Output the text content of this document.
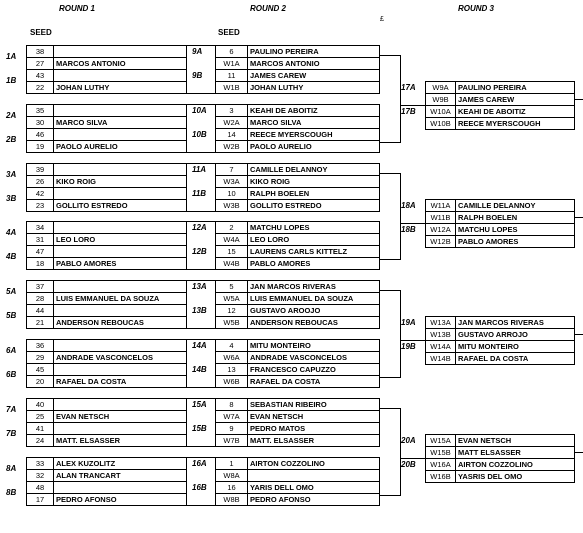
ROUND 1	ROUND 2	ROUND 3
SEED	SEED
£
1A
38
27	MARCOS ANTONIO
1B
43
22	JOHAN LUTHY
2A
35
30	MARCO SILVA
2B
46
19	PAOLO AURELIO
3A
39
26	KIKO ROIG
3B
42
23	GOLLITO ESTREDO
4A
34
31	LEO LORO
4B
47
18	PABLO AMORES
5A
37
28	LUIS EMMANUEL DA SOUZA
5B
44
21	ANDERSON REBOUCAS
6A
36
29	ANDRADE VASCONCELOS
6B
45
20	RAFAEL DA COSTA
7A
40
25	EVAN NETSCH
7B
41
24	MATT. ELSASSER
8A
33	ALEX KUZOLITZ
32	ALAN TRANCART
8B
48
17	PEDRO AFONSO
9A	6	PAULINO PEREIRA
W1A	MARCOS ANTONIO
9B	11	JAMES CAREW
W1B	JOHAN LUTHY
10A	3	KEAHI DE ABOITIZ
W2A	MARCO SILVA
10B	14	REECE MYERSCOUGH
W2B	PAOLO AURELIO
11A	7	CAMILLE DELANNOY
W3A	KIKO ROIG
11B	10	RALPH BOELEN
W3B	GOLLITO ESTREDO
12A	2	MATCHU LOPES
W4A	LEO LORO
12B	15	LAURENS CARLS KITTELZ
W4B	PABLO AMORES
13A	5	JAN MARCOS RIVERAS
W5A	LUIS EMMANUEL DA SOUZA
13B	12	GUSTAVO AROOJO
W5B	ANDERSON REBOUCAS
14A	4	MITU MONTEIRO
W6A	ANDRADE VASCONCELOS
14B	13	FRANCESCO CAPUZZO
W6B	RAFAEL DA COSTA
15A	8	SEBASTIAN RIBEIRO
W7A	EVAN NETSCH
15B	9	PEDRO MATOS
W7B	MATT. ELSASSER
16A	1	AIRTON COZZOLINO
W8A
16B	16	YARIS DELL OMO
W8B	PEDRO AFONSO
17A
17B
W9A	PAULINO PEREIRA
W9B	JAMES CAREW
W10A KEAHI DE ABOITIZ
W10B REECE MYERSCOUGH
18A
18B
W11A	CAMILLE DELANNOY
W11B	RALPH BOELEN
W12A MATCHU LOPES
W12B PABLO AMORES
19A
19B
W13A JAN MARCOS RIVERAS
W13B GUSTAVO ARROJO
W14A MITU MONTEIRO
W14B RAFAEL DA COSTA
20A
20B
W15A EVAN NETSCH
W15B MATT ELSASSER
W16A AIRTON COZZOLINO
W16B YASRIS DEL OMO
